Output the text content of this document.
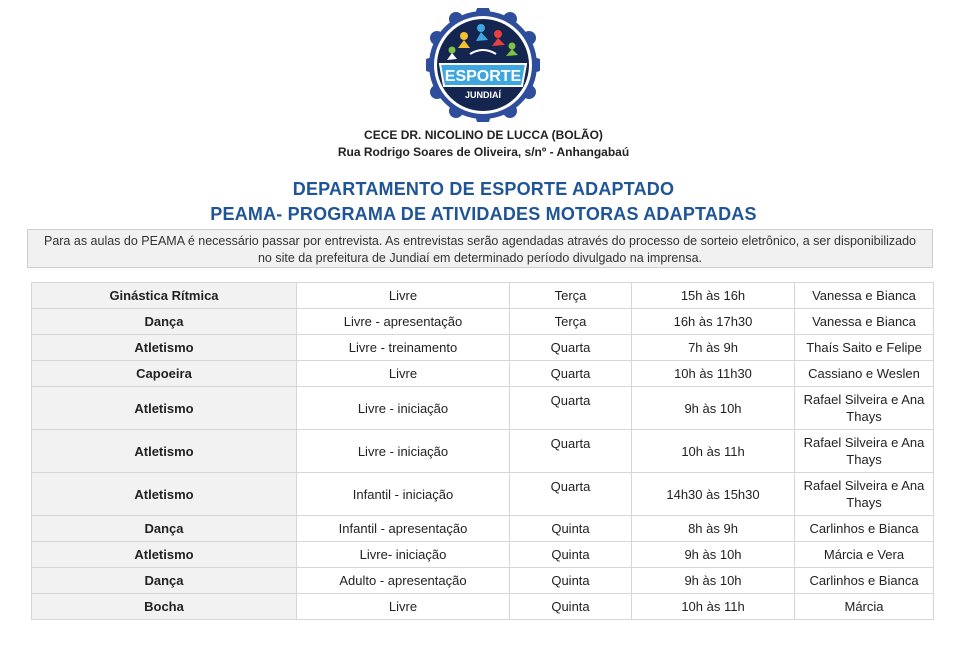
ESPORTE
JUNDIAÍ
CECE DR. NICOLINO DE LUCCA (BOLÃO)
Rua Rodrigo Soares de Oliveira, s/nº - Anhangabaú
DEPARTAMENTO DE ESPORTE ADAPTADO
PEAMA- PROGRAMA DE ATIVIDADES MOTORAS ADAPTADAS
Para as aulas do PEAMA é necessário passar por entrevista. As entrevistas serão agendadas através do processo de sorteio eletrônico, a ser disponibilizado no site da prefeitura de Jundiaí em determinado período divulgado na imprensa.
Ginástica Rítmica	Livre	Terça	15h às 16h	Vanessa e Bianca
Dança	Livre - apresentação	Terça	16h às 17h30	Vanessa e Bianca
Atletismo	Livre - treinamento	Quarta	7h às 9h	Thaís Saito e Felipe
Capoeira	Livre	Quarta	10h às 11h30	Cassiano e Weslen
Atletismo	Livre - iniciação	Quarta	9h às 10h	Rafael Silveira e Ana Thays
Atletismo	Livre - iniciação	Quarta	10h às 11h	Rafael Silveira e Ana Thays
Atletismo	Infantil - iniciação	Quarta	14h30 às 15h30	Rafael Silveira e Ana Thays
Dança	Infantil - apresentação	Quinta	8h às 9h	Carlinhos e Bianca
Atletismo	Livre- iniciação	Quinta	9h às 10h	Márcia e Vera
Dança	Adulto - apresentação	Quinta	9h às 10h	Carlinhos e Bianca
Bocha	Livre	Quinta	10h às 11h	Márcia
